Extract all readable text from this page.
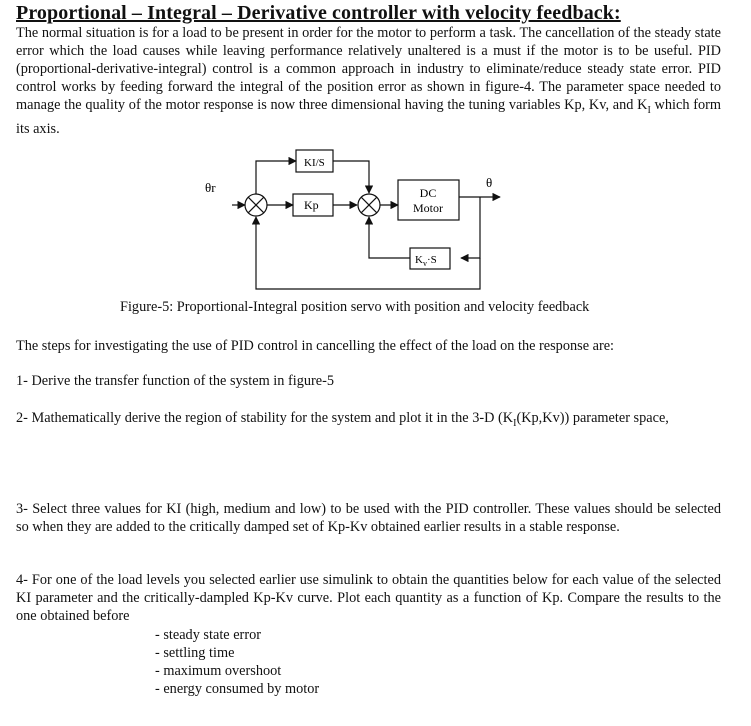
Proportional – Integral – Derivative controller with velocity feedback:
The normal situation is for a load to be present in order for the motor to perform a task. The cancellation of the steady state error which the load causes while leaving performance relatively unaltered is a must if the motor is to be useful. PID (proportional-derivative-integral) control is a common approach in industry to eliminate/reduce steady state error. PID control works by feeding forward the integral of the position error as shown in figure-4. The parameter space needed to manage the quality of the motor response is now three dimensional having the tuning variables Kp, Kv, and $K_I$ which form its axis.
KI/S
Kp
DC
Motor
$K_v\cdot S$
θr	θ
Figure-5: Proportional-Integral position servo with position and velocity feedback
The steps for investigating the use of PID control in cancelling the effect of the load on the response are:
1- Derive the transfer function of the system in figure-5
2- Mathematically derive the region of stability for the system and plot it in the 3-D $(K_I(Kp,Kv))$ parameter space,
3- Select three values for KI (high, medium and low) to be used with the PID controller. These values should be selected so when they are added to the critically damped set of Kp-Kv obtained earlier results in a stable response.
4- For one of the load levels you selected earlier use simulink to obtain the quantities below for each value of the selected KI parameter and the critically-dampled Kp-Kv curve. Plot each quantity as a function of Kp. Compare the results to the one obtained before
- steady state error
- settling time
- maximum overshoot
- energy consumed by motor
